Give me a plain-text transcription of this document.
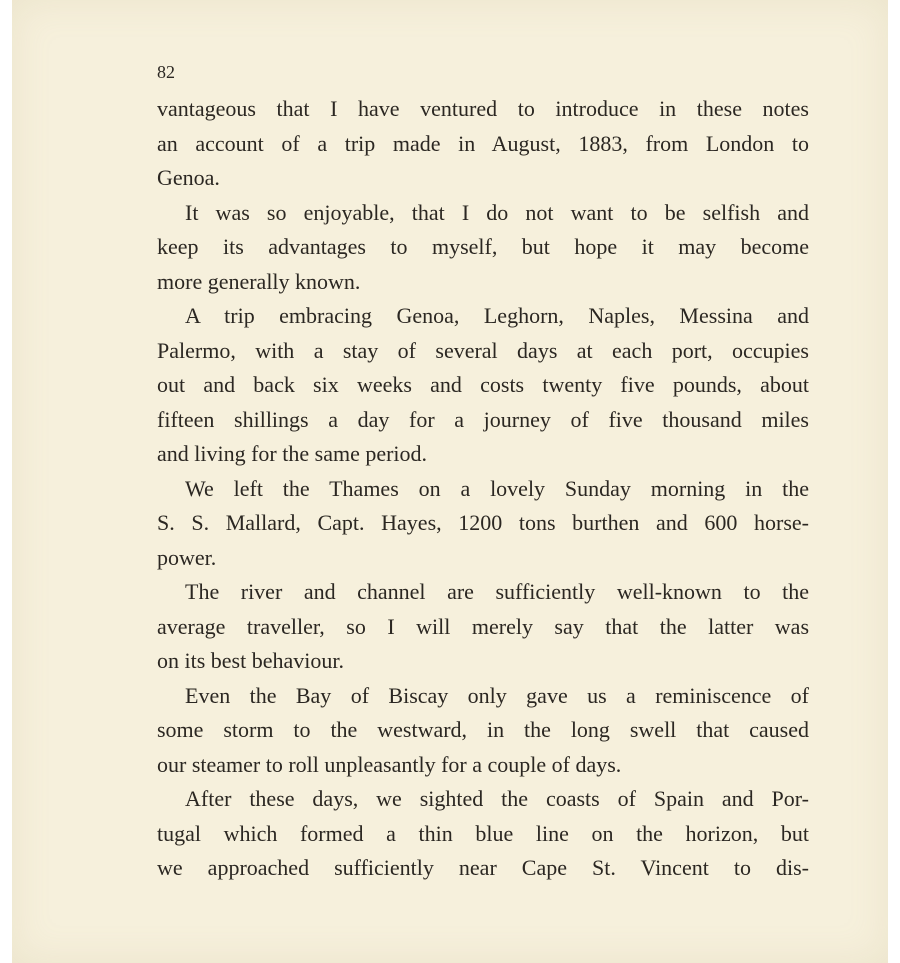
82

vantageous that I have ventured to introduce in these notes

an account of a trip made in August, 1883, from London to

Genoa.

It was so enjoyable, that I do not want to be selfish and

keep its advantages to myself, but hope it may become

more generally known.

A trip embracing Genoa, Leghorn, Naples, Messina and

Palermo, with a stay of several days at each port, occupies

out and back six weeks and costs twenty five pounds, about

fifteen shillings a day for a journey of five thousand miles

and living for the same period.

We left the Thames on a lovely Sunday morning in the

S. S. Mallard, Capt. Hayes, 1200 tons burthen and 600 horse-

power.

The river and channel are sufficiently well-known to the

average traveller, so I will merely say that the latter was

on its best behaviour.

Even the Bay of Biscay only gave us a reminiscence of

some storm to the westward, in the long swell that caused

our steamer to roll unpleasantly for a couple of days.

After these days, we sighted the coasts of Spain and Por-

tugal which formed a thin blue line on the horizon, but

we approached sufficiently near Cape St. Vincent to dis-
